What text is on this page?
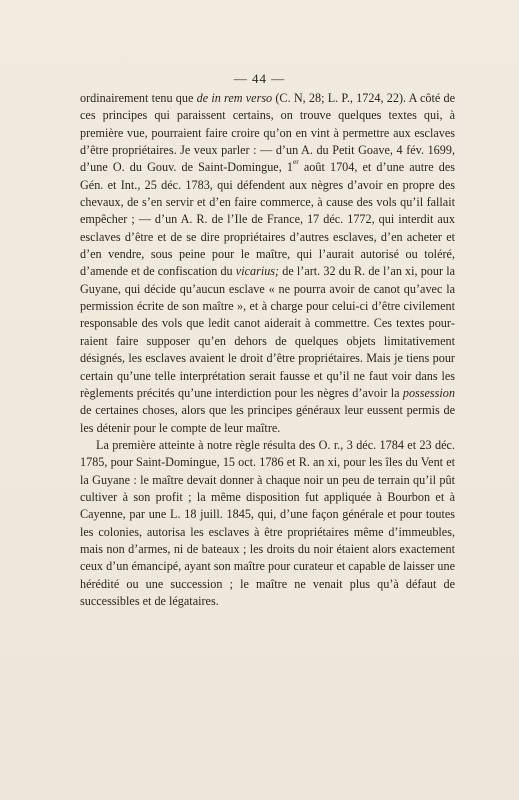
— 44 —

ordinairement tenu que de in rem verso (C. N, 28; L. P., 1724, 22). A côté de ces principes qui paraissent certains, on trouve quelques textes qui, à première vue, pourraient faire croire qu’on en vint à permettre aux esclaves d’être propriétaires. Je veux parler : — d’un A. du Petit Goave, 4 fév. 1699, d’une O. du Gouv. de Saint-Domingue, 1er août 1704, et d’une autre des Gén. et Int., 25 déc. 1783, qui défendent aux nègres d’avoir en propre des chevaux, de s’en servir et d’en faire commerce, à cause des vols qu’il fallait empêcher ; — d’un A. R. de l’Ile de France, 17 déc. 1772, qui interdit aux esclaves d’être et de se dire propriétaires d’autres esclaves, d’en acheter et d’en vendre, sous peine pour le maître, qui l’aurait autorisé ou toléré, d’amende et de confiscation du vicarius; de l’art. 32 du R. de l’an xi, pour la Guyane, qui décide qu’aucun esclave « ne pourra avoir de canot qu’avec la permission écrite de son maître », et à charge pour celui-ci d’être civilement responsable des vols que ledit canot aiderait à commettre. Ces textes pourraient faire supposer qu’en dehors de quelques objets limitativement désignés, les esclaves avaient le droit d’être propriétaires. Mais je tiens pour certain qu’une telle interprétation serait fausse et qu’il ne faut voir dans les règlements précités qu’une interdiction pour les nègres d’avoir la possession de certaines choses, alors que les principes généraux leur eussent permis de les détenir pour le compte de leur maître.

La première atteinte à notre règle résulta des O. r., 3 déc. 1784 et 23 déc. 1785, pour Saint-Domingue, 15 oct. 1786 et R. an xi, pour les îles du Vent et la Guyane : le maître devait donner à chaque noir un peu de terrain qu’il pût cultiver à son profit ; la même disposition fut appliquée à Bourbon et à Cayenne, par une L. 18 juill. 1845, qui, d’une façon générale et pour toutes les colonies, autorisa les esclaves à être propriétaires même d’immeubles, mais non d’armes, ni de bateaux ; les droits du noir étaient alors exactement ceux d’un émancipé, ayant son maître pour curateur et capable de laisser une hérédité ou une succession ; le maître ne venait plus qu’à défaut de successibles et de légataires.
